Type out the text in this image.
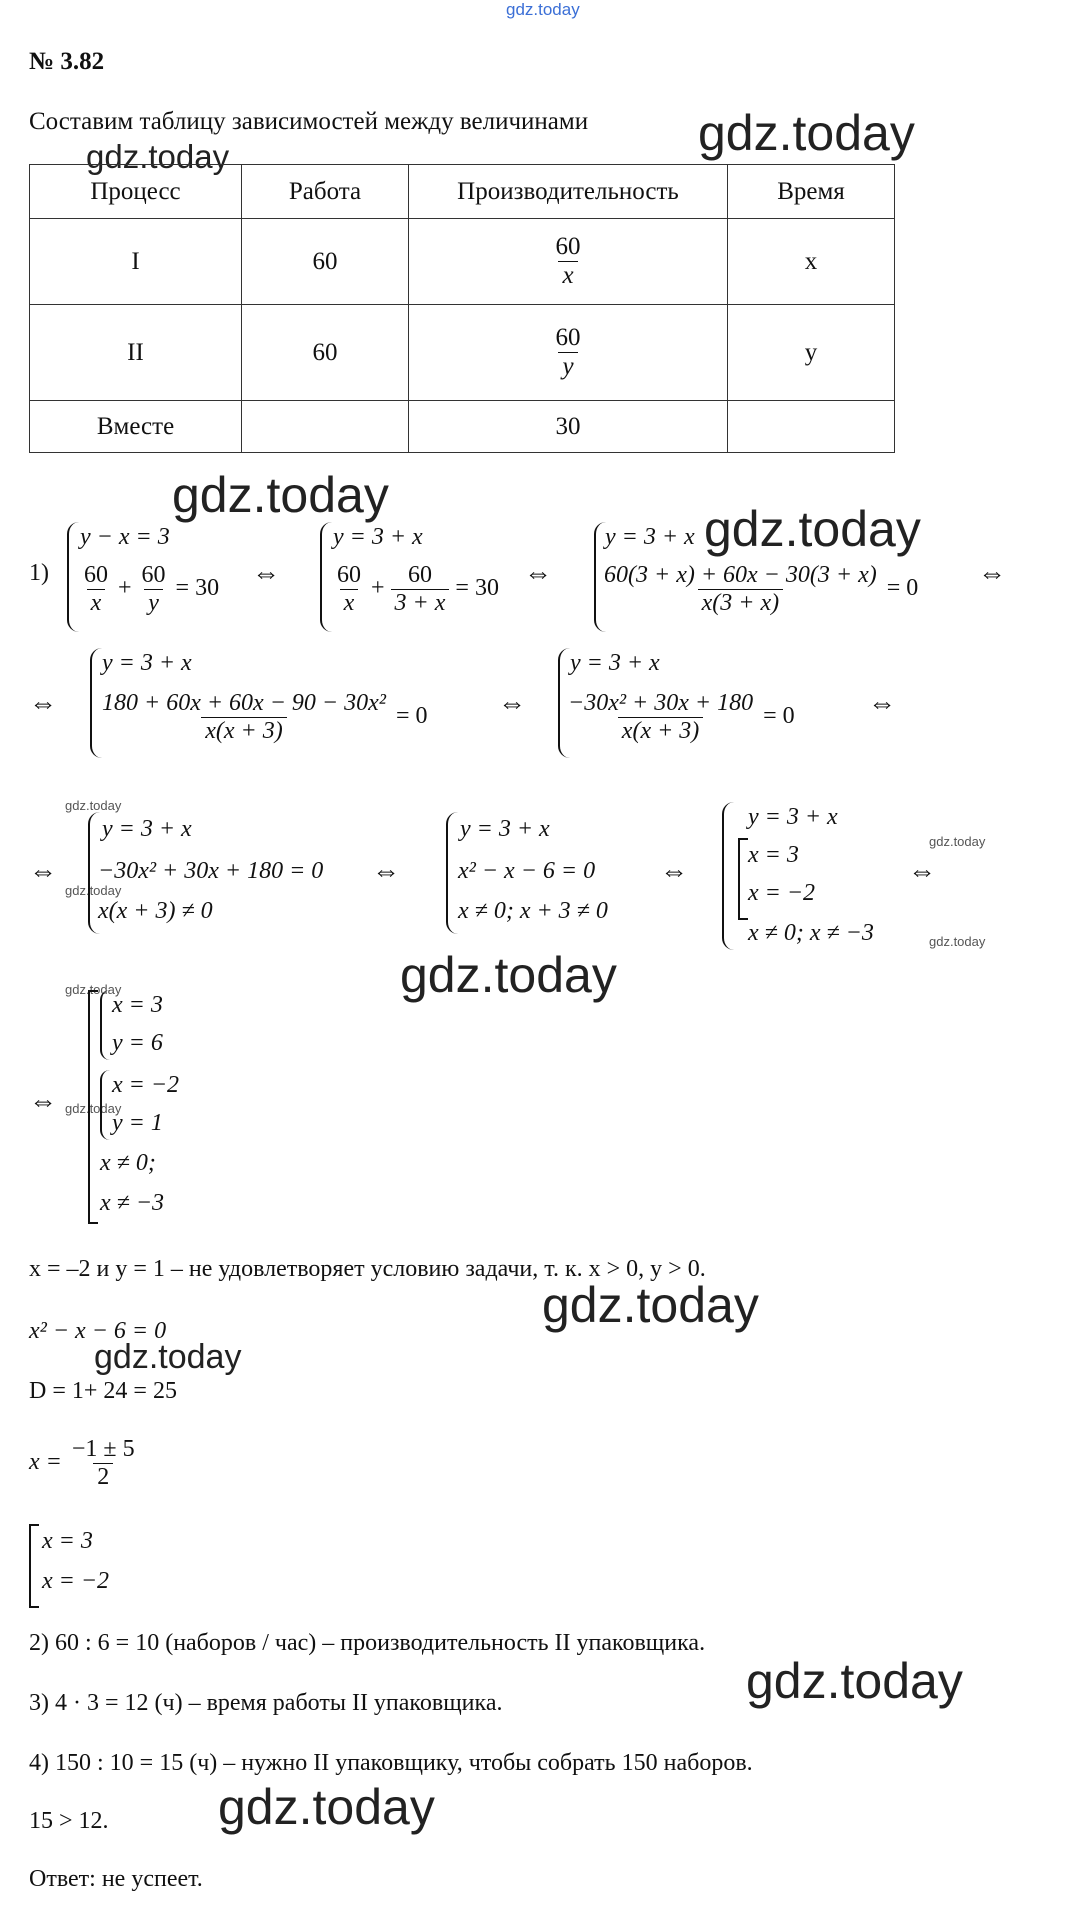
gdz.today
gdz.today
gdz.today
gdz.today
gdz.today
gdz.today
gdz.today
gdz.today
gdz.today
gdz.today
gdz.today
gdz.today
gdz.today
gdz.today
gdz.today
gdz.today
№ 3.82
Составим таблицу зависимостей между величинами
Процесс	Работа	Производительность	Время
I	60	$\frac{60}{x}$	x
II	60	$\frac{60}{y}$	y
Вместе		30	
1)
y − x = 3
$\frac{60}{x} + \frac{60}{y} = 30$ ⇔
y = 3 + x
$\frac{60}{x} + \frac{60}{3 + x} = 30$ ⇔
y = 3 + x
$\frac{60(3 + x) + 60x - 30(3 + x)}{x(3 + x)} = 0$ ⇔
⇔
y = 3 + x
$\frac{\text{180 + 60x + 60x − 90 − 30x²}}{x(x + 3)} = 0$	⇔
y = 3 + x
$\frac{\text{−30x² + 30x + 180}}{x(x + 3)} = 0$	⇔
⇔
y = 3 + x
−30x² + 30x + 180 = 0
x(x + 3) ≠ 0
⇔
y = 3 + x
x² − x − 6 = 0
x ≠ 0; x + 3 ≠ 0
⇔
y = 3 + x
x = 3
x = −2
x ≠ 0; x ≠ −3
⇔
⇔
x = 3
y = 6
x = −2
y = 1
x ≠ 0;
x ≠ −3
x = –2 и y = 1 – не удовлетворяет условию задачи, т. к. x > 0, y > 0.
x² − x − 6 = 0
D = 1+ 24 = 25
$x = \frac{-1 \pm 5}{2}$
x = 3
x = −2
2) 60 : 6 = 10 (наборов / час) – производительность II упаковщика.
3) 4 · 3 = 12 (ч) – время работы II упаковщика.
4) 150 : 10 = 15 (ч) – нужно II упаковщику, чтобы собрать 150 наборов.
15 > 12.
Ответ: не успеет.
